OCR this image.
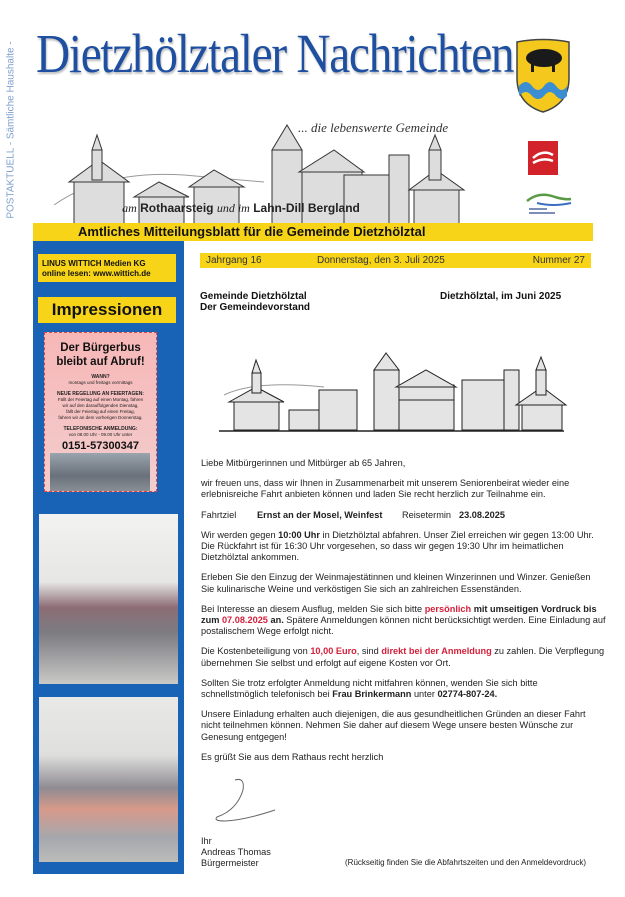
POSTAKTUELL - Sämtliche Haushalte - Dietzhölztaler Nachrichten
... die lebenswerte Gemeinde
am Rothaarsteig und im Lahn-Dill Bergland
Amtliches Mitteilungsblatt für die Gemeinde Dietzhölztal
LINUS WITTICH Medien KG
online lesen: www.wittich.de
Impressionen
Der Bürgerbus
bleibt auf Abruf!
WANN?
montags und freitags vormittags
NEUE REGELUNG AN FEIERTAGEN:
Fällt der Feiertag auf einen Montag, fahren
wir auf den darauffolgenden Dienstag,
fällt der Feiertag auf einen Freitag,
fahren wir an dem vorherigen Donnerstag.
TELEFONISCHE ANMELDUNG:
von 08.00 Uhr - 09.00 Uhr unter
0151-57300347
Jahrgang 16	Donnerstag, den 3. Juli 2025	Nummer 27
Gemeinde Dietzhölztal
Der Gemeindevorstand
Dietzhölztal, im Juni 2025

Liebe Mitbürgerinnen und Mitbürger ab 65 Jahren,

wir freuen uns, dass wir Ihnen in Zusammenarbeit mit unserem Seniorenbeirat wieder eine erlebnisreiche Fahrt anbieten können und laden Sie recht herzlich zur Teilnahme ein.

Fahrtziel	Ernst an der Mosel, Weinfest	Reisetermin 23.08.2025

Wir werden gegen 10:00 Uhr in Dietzhölztal abfahren. Unser Ziel erreichen wir gegen 13:00 Uhr. Die Rückfahrt ist für 16:30 Uhr vorgesehen, so dass wir gegen 19:30 Uhr im heimatlichen Dietzhölztal ankommen.

Erleben Sie den Einzug der Weinmajestätinnen und kleinen Winzerinnen und Winzer. Genießen Sie kulinarische Weine und verköstigen Sie sich an zahlreichen Essenständen.

Bei Interesse an diesem Ausflug, melden Sie sich bitte persönlich mit umseitigen Vordruck bis zum 07.08.2025 an. Spätere Anmeldungen können nicht berücksichtigt werden. Eine Einladung auf postalischem Wege erfolgt nicht.

Die Kostenbeteiligung von 10,00 Euro, sind direkt bei der Anmeldung zu zahlen. Die Verpflegung übernehmen Sie selbst und erfolgt auf eigene Kosten vor Ort.

Sollten Sie trotz erfolgter Anmeldung nicht mitfahren können, wenden Sie sich bitte schnellstmöglich telefonisch bei Frau Brinkermann unter 02774-807-24.

Unsere Einladung erhalten auch diejenigen, die aus gesundheitlichen Gründen an dieser Fahrt nicht teilnehmen können. Nehmen Sie daher auf diesem Wege unsere besten Wünsche zur Genesung entgegen!

Es grüßt Sie aus dem Rathaus recht herzlich

Ihr
Andreas Thomas
Bürgermeister	(Rückseitig finden Sie die Abfahrtszeiten und den Anmeldevordruck)
